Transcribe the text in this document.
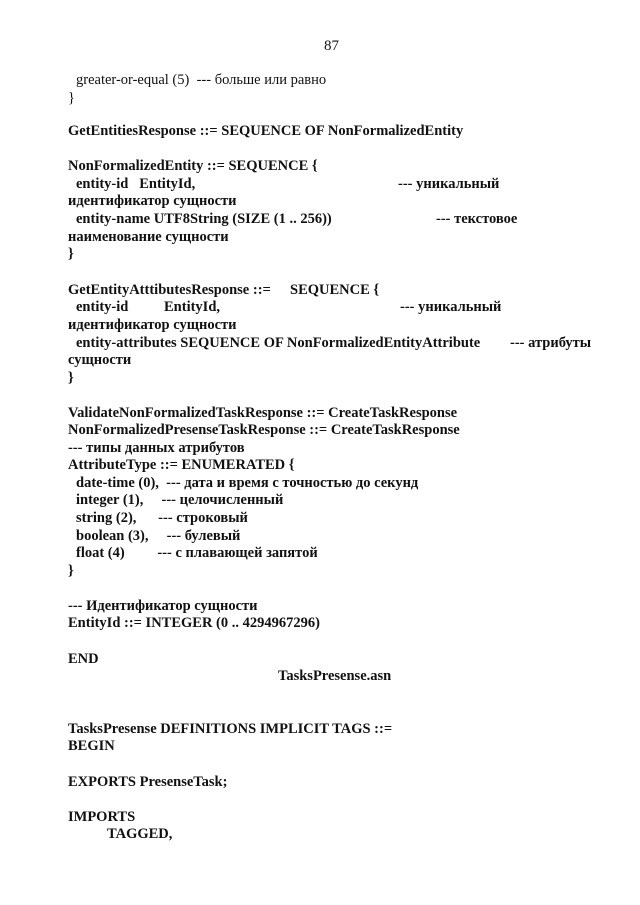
87
greater-or-equal (5)  --- больше или равно
}
GetEntitiesResponse ::= SEQUENCE OF NonFormalizedEntity
NonFormalizedEntity ::= SEQUENCE {
entity-id   EntityId,	--- уникальный
идентификатор сущности
entity-name UTF8String (SIZE (1 .. 256))	--- текстовое
наименование сущности
}
GetEntityAtttibutesResponse ::= SEQUENCE {
entity-id EntityId,	--- уникальный
идентификатор сущности
entity-attributes SEQUENCE OF NonFormalizedEntityAttribute --- атрибуты
сущности
}
ValidateNonFormalizedTaskResponse ::= CreateTaskResponse
NonFormalizedPresenseTaskResponse ::= CreateTaskResponse
--- типы данных атрибутов
AttributeType ::= ENUMERATED {
date-time (0),  --- дата и время с точностью до секунд
integer (1),     --- целочисленный
string (2),      --- строковый
boolean (3),     --- булевый
float (4)         --- с плавающей запятой
}
--- Идентификатор сущности
EntityId ::= INTEGER (0 .. 4294967296)
END
TasksPresense.asn
TasksPresense DEFINITIONS IMPLICIT TAGS ::=
BEGIN
EXPORTS PresenseTask;
IMPORTS
TAGGED,
